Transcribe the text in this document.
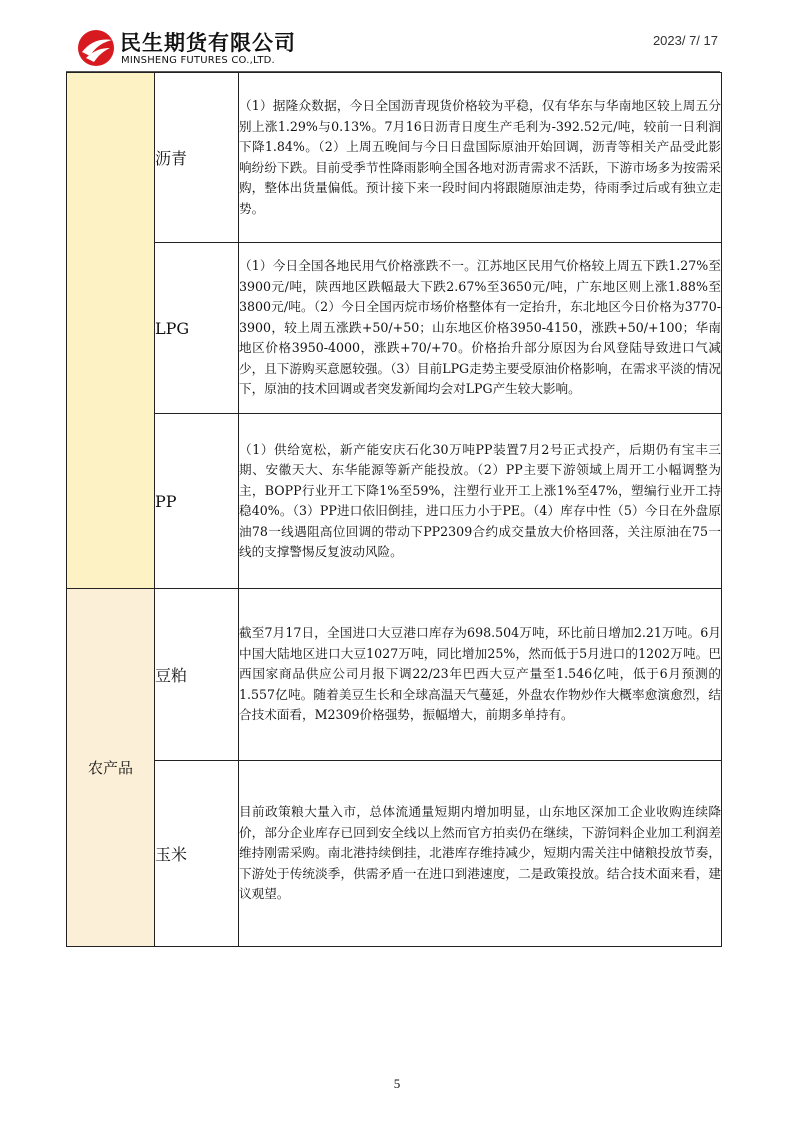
民生期货有限公司
MINSHENG FUTURES CO.,LTD.
2023/ 7/ 17
	沥青	（1）据隆众数据，今日全国沥青现货价格较为平稳，仅有华东与华南地区较上周五分别上涨1.29%与0.13%。7月16日沥青日度生产毛利为-392.52元/吨，较前一日利润下降1.84%。（2）上周五晚间与今日日盘国际原油开始回调，沥青等相关产品受此影响纷纷下跌。目前受季节性降雨影响全国各地对沥青需求不活跃，下游市场多为按需采购，整体出货量偏低。预计接下来一段时间内将跟随原油走势，待雨季过后或有独立走势。
	LPG	（1）今日全国各地民用气价格涨跌不一。江苏地区民用气价格较上周五下跌1.27%至3900元/吨，陕西地区跌幅最大下跌2.67%至3650元/吨，广东地区则上涨1.88%至3800元/吨。（2）今日全国丙烷市场价格整体有一定抬升，东北地区今日价格为3770-3900，较上周五涨跌+50/+50；山东地区价格3950-4150，涨跌+50/+100；华南地区价格3950-4000，涨跌+70/+70。价格抬升部分原因为台风登陆导致进口气减少，且下游购买意愿较强。（3）目前LPG走势主要受原油价格影响，在需求平淡的情况下，原油的技术回调或者突发新闻均会对LPG产生较大影响。
	PP	（1）供给宽松，新产能安庆石化30万吨PP装置7月2号正式投产，后期仍有宝丰三期、安徽天大、东华能源等新产能投放。（2）PP主要下游领域上周开工小幅调整为主，BOPP行业开工下降1%至59%，注塑行业开工上涨1%至47%，塑编行业开工持稳40%。（3）PP进口依旧倒挂，进口压力小于PE。（4）库存中性（5）今日在外盘原油78一线遇阻高位回调的带动下PP2309合约成交量放大价格回落，关注原油在75一线的支撑警惕反复波动风险。
农产品	豆粕	截至7月17日，全国进口大豆港口库存为698.504万吨，环比前日增加2.21万吨。6月中国大陆地区进口大豆1027万吨，同比增加25%，然而低于5月进口的1202万吨。巴西国家商品供应公司月报下调22/23年巴西大豆产量至1.546亿吨，低于6月预测的1.557亿吨。随着美豆生长和全球高温天气蔓延，外盘农作物炒作大概率愈演愈烈，结合技术面看，M2309价格强势，振幅增大，前期多单持有。
	玉米	目前政策粮大量入市，总体流通量短期内增加明显，山东地区深加工企业收购连续降价，部分企业库存已回到安全线以上然而官方拍卖仍在继续，下游饲料企业加工利润差维持刚需采购。南北港持续倒挂，北港库存维持减少，短期内需关注中储粮投放节奏，下游处于传统淡季，供需矛盾一在进口到港速度，二是政策投放。结合技术面来看，建议观望。
5
